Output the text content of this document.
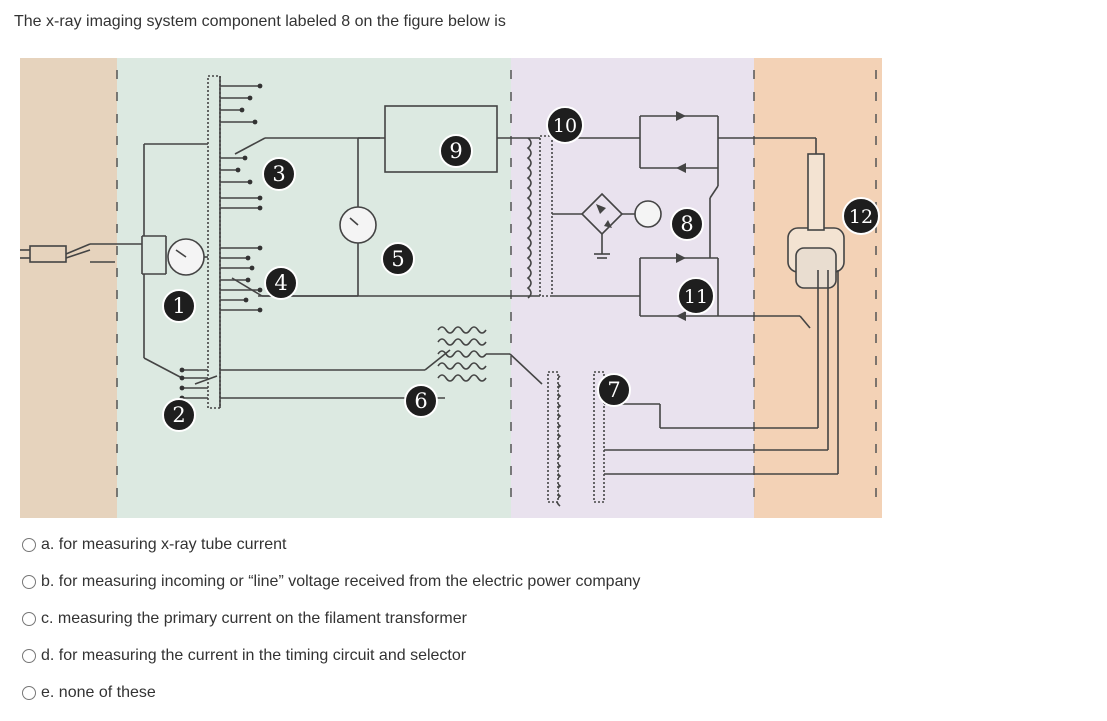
The x-ray imaging system component labeled 8 on the figure below is
1
2
3
4
5
6	7
8
9
10
11
12
a. for measuring x-ray tube current
b. for measuring incoming or “line” voltage received from the electric power company
c. measuring the primary current on the filament transformer
d. for measuring the current in the timing circuit and selector
e. none of these
